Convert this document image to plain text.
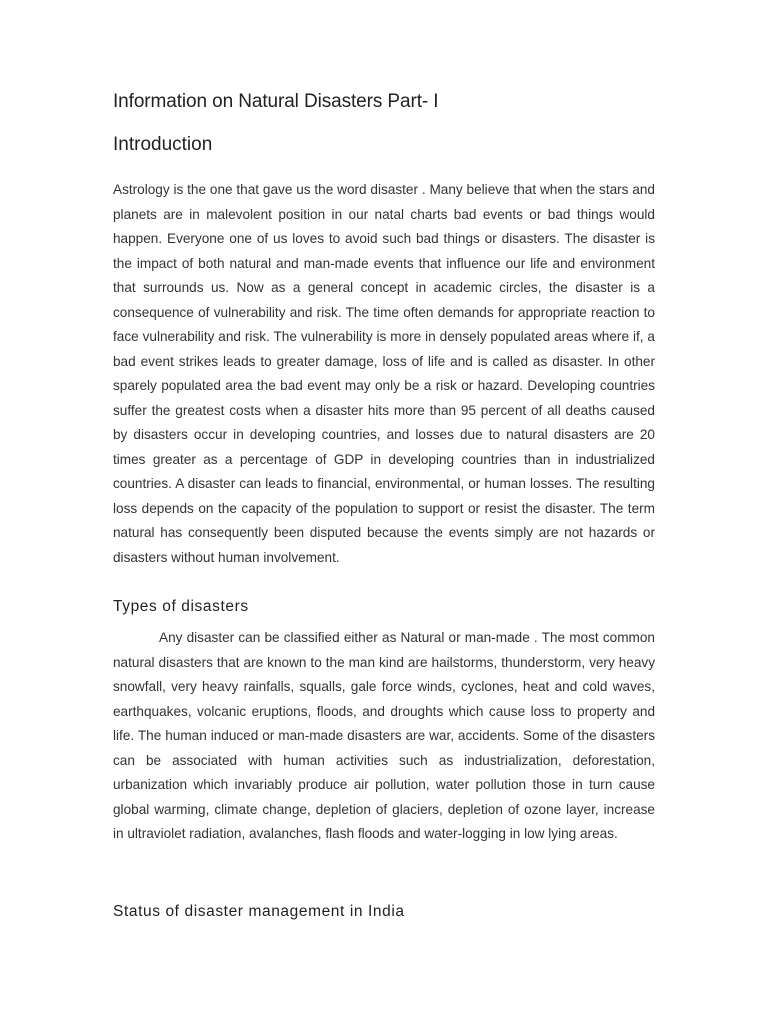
Information on Natural Disasters Part- I
Introduction

Astrology is the one that gave us the word disaster . Many believe that when the stars and planets are in malevolent position in our natal charts bad events or bad things would happen. Everyone one of us loves to avoid such bad things or disasters. The disaster is the impact of both natural and man-made events that influence our life and environment that surrounds us. Now as a general concept in academic circles, the disaster is a consequence of vulnerability and risk. The time often demands for appropriate reaction to face vulnerability and risk. The vulnerability is more in densely populated areas where if, a bad event strikes leads to greater damage, loss of life and is called as disaster. In other sparely populated area the bad event may only be a risk or hazard. Developing countries suffer the greatest costs when a disaster hits more than 95 percent of all deaths caused by disasters occur in developing countries, and losses due to natural disasters are 20 times greater as a percentage of GDP in developing countries than in industrialized countries. A disaster can leads to financial, environmental, or human losses. The resulting loss depends on the capacity of the population to support or resist the disaster. The term natural has consequently been disputed because the events simply are not hazards or disasters without human involvement.

Types of disasters

Any disaster can be classified either as Natural or man-made . The most common natural disasters that are known to the man kind are hailstorms, thunderstorm, very heavy snowfall, very heavy rainfalls, squalls, gale force winds, cyclones, heat and cold waves, earthquakes, volcanic eruptions, floods, and droughts which cause loss to property and life. The human induced or man-made disasters are war, accidents. Some of the disasters can be associated with human activities such as industrialization, deforestation, urbanization which invariably produce air pollution, water pollution those in turn cause global warming, climate change, depletion of glaciers, depletion of ozone layer, increase in ultraviolet radiation, avalanches, flash floods and water-logging in low lying areas.

Status of disaster management in India
